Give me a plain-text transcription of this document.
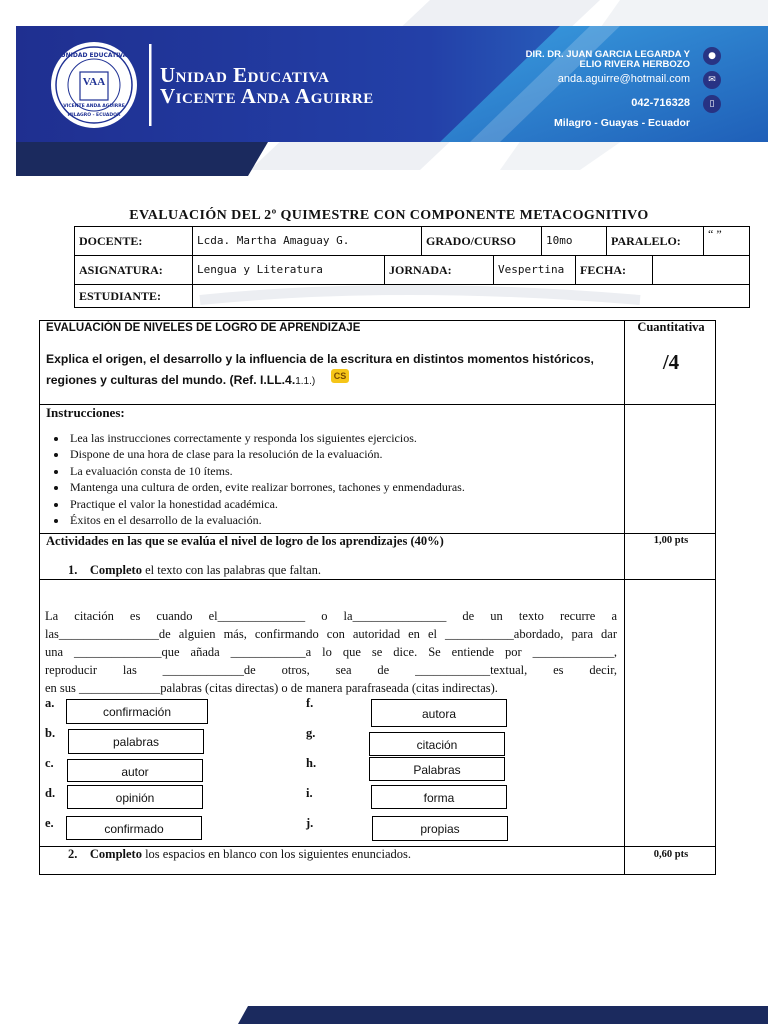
UNIDAD EDUCATIVA
VAA
VICENTE ANDA AGUIRRE
MILAGRO - ECUADOR
Unidad Educativa
Vicente Anda Aguirre
DIR. DR. JUAN GARCIA LEGARDA Y
ELIO RIVERA HERBOZO
anda.aguirre@hotmail.com
042-716328
Milagro - Guayas - Ecuador
●
✉
▯
EVALUACIÓN DEL 2º QUIMESTRE CON COMPONENTE METACOGNITIVO
DOCENTE:	Lcda. Martha Amaguay G.	GRADO/CURSO	10mo	PARALELO:	“ ”
ASIGNATURA:	Lengua y Literatura	JORNADA:	Vespertina	FECHA:
ESTUDIANTE:
EVALUACIÓN DE NIVELES DE LOGRO DE APRENDIZAJE	Cuantitativa
/4
Explica el origen, el desarrollo y la influencia de la escritura en distintos momentos históricos,
regiones y culturas del mundo. (Ref. I.LL.4.1.1.)	CS
Instrucciones:
• Lea las instrucciones correctamente y responda los siguientes ejercicios.
• Dispone de una hora de clase para la resolución de la evaluación.
• La evaluación consta de 10 ítems.
• Mantenga una cultura de orden, evite realizar borrones, tachones y enmendaduras.
• Practique el valor la honestidad académica.
• Éxitos en el desarrollo de la evaluación.
Actividades en las que se evalúa el nivel de logro de los aprendizajes (40%)	1,00 pts
1. Completo el texto con las palabras que faltan.
La citación es cuando el______________ o la_______________ de un texto recurre a
las________________de alguien más, confirmando con autoridad en el ___________abordado, para dar
una ______________que añada ____________a lo que se dice. Se entiende por _____________,
reproducir las _____________de otros, sea de ____________textual, es decir,
en sus _____________palabras (citas directas) o de manera parafraseada (citas indirectas).
a.
confirmación
b.
palabras
c.
autor
d.	opinión
e.	confirmado
f.
autora
g.
citación
h.	Palabras
i.	forma
j.	propias
2. Completo los espacios en blanco con los siguientes enunciados.	0,60 pts
